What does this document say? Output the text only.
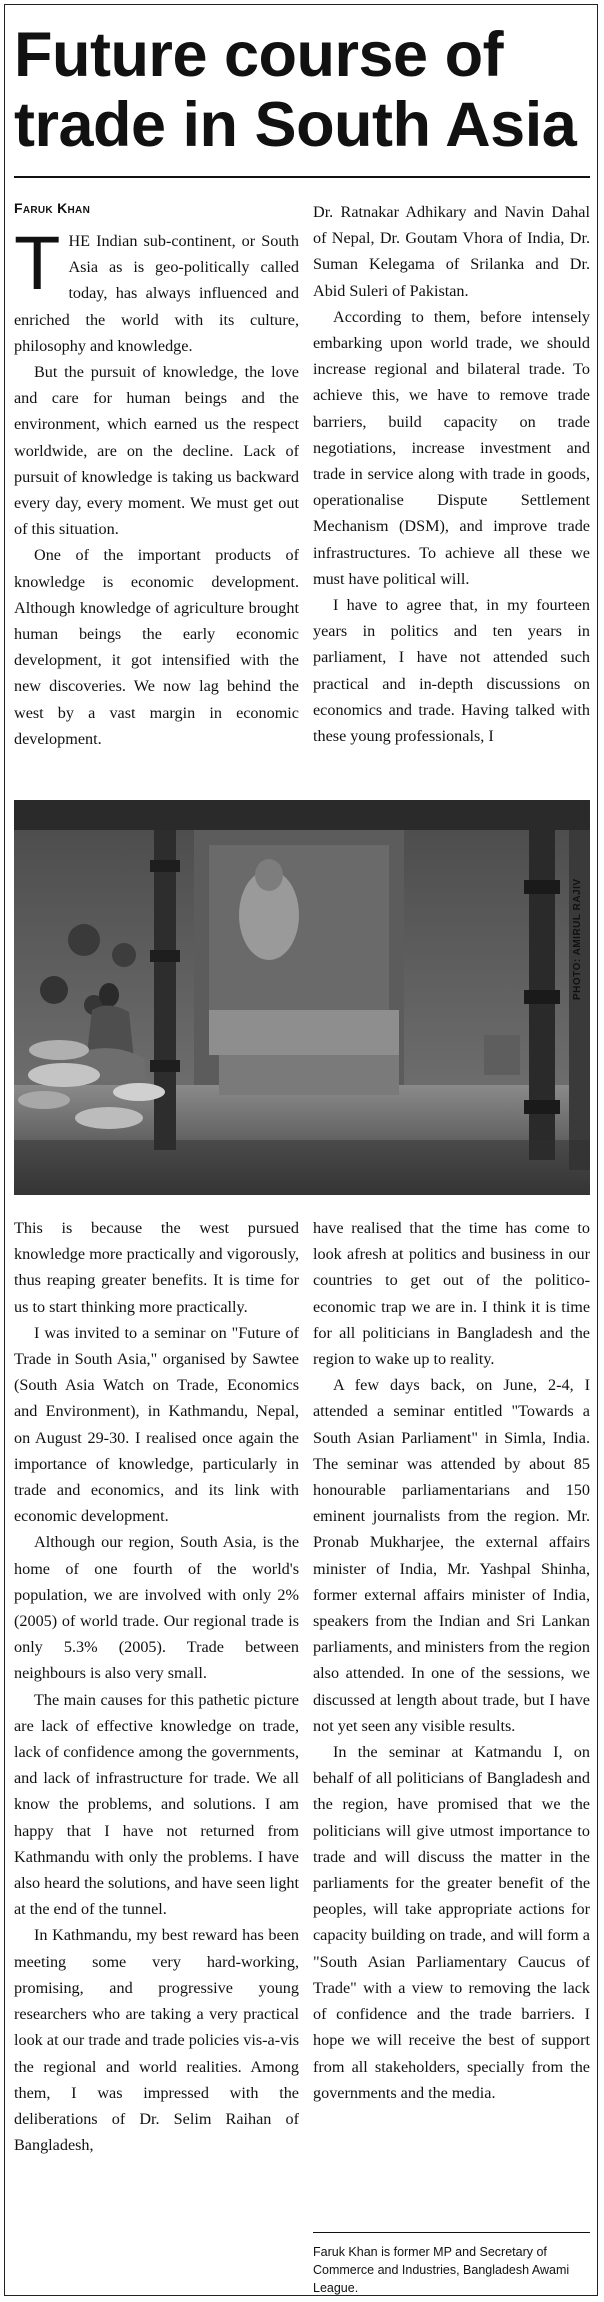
Future course of trade in South Asia
Faruk Khan

THE Indian sub-continent, or South Asia as is geo-politically called today, has always influenced and enriched the world with its culture, philosophy and knowledge.

But the pursuit of knowledge, the love and care for human beings and the environment, which earned us the respect worldwide, are on the decline. Lack of pursuit of knowledge is taking us backward every day, every moment. We must get out of this situation.

One of the important products of knowledge is economic development. Although knowledge of agriculture brought human beings the early economic development, it got intensified with the new discoveries. We now lag behind the west by a vast margin in economic development.

Dr. Ratnakar Adhikary and Navin Dahal of Nepal, Dr. Goutam Vhora of India, Dr. Suman Kelegama of Srilanka and Dr. Abid Suleri of Pakistan.

According to them, before intensely embarking upon world trade, we should increase regional and bilateral trade. To achieve this, we have to remove trade barriers, build capacity on trade negotiations, increase investment and trade in service along with trade in goods, operationalise Dispute Settlement Mechanism (DSM), and improve trade infrastructures. To achieve all these we must have political will.

I have to agree that, in my fourteen years in politics and ten years in parliament, I have not attended such practical and in-depth discussions on economics and trade. Having talked with these young professionals, I

PHOTO: AMIRUL RAJIV

This is because the west pursued knowledge more practically and vigorously, thus reaping greater benefits. It is time for us to start thinking more practically.

I was invited to a seminar on "Future of Trade in South Asia," organised by Sawtee (South Asia Watch on Trade, Economics and Environment), in Kathmandu, Nepal, on August 29-30. I realised once again the importance of knowledge, particularly in trade and economics, and its link with economic development.

Although our region, South Asia, is the home of one fourth of the world's population, we are involved with only 2% (2005) of world trade. Our regional trade is only 5.3% (2005). Trade between neighbours is also very small.

The main causes for this pathetic picture are lack of effective knowledge on trade, lack of confidence among the governments, and lack of infrastructure for trade. We all know the problems, and solutions. I am happy that I have not returned from Kathmandu with only the problems. I have also heard the solutions, and have seen light at the end of the tunnel.

In Kathmandu, my best reward has been meeting some very hard-working, promising, and progressive young researchers who are taking a very practical look at our trade and trade policies vis-a-vis the regional and world realities. Among them, I was impressed with the deliberations of Dr. Selim Raihan of Bangladesh,

have realised that the time has come to look afresh at politics and business in our countries to get out of the politico-economic trap we are in. I think it is time for all politicians in Bangladesh and the region to wake up to reality.

A few days back, on June, 2-4, I attended a seminar entitled "Towards a South Asian Parliament" in Simla, India. The seminar was attended by about 85 honourable parliamentarians and 150 eminent journalists from the region. Mr. Pronab Mukharjee, the external affairs minister of India, Mr. Yashpal Shinha, former external affairs minister of India, speakers from the Indian and Sri Lankan parliaments, and ministers from the region also attended. In one of the sessions, we discussed at length about trade, but I have not yet seen any visible results.

In the seminar at Katmandu I, on behalf of all politicians of Bangladesh and the region, have promised that we the politicians will give utmost importance to trade and will discuss the matter in the parliaments for the greater benefit of the peoples, will take appropriate actions for capacity building on trade, and will form a "South Asian Parliamentary Caucus of Trade" with a view to removing the lack of confidence and the trade barriers. I hope we will receive the best of support from all stakeholders, specially from the governments and the media.

Faruk Khan is former MP and Secretary of Commerce and Industries, Bangladesh Awami League.
